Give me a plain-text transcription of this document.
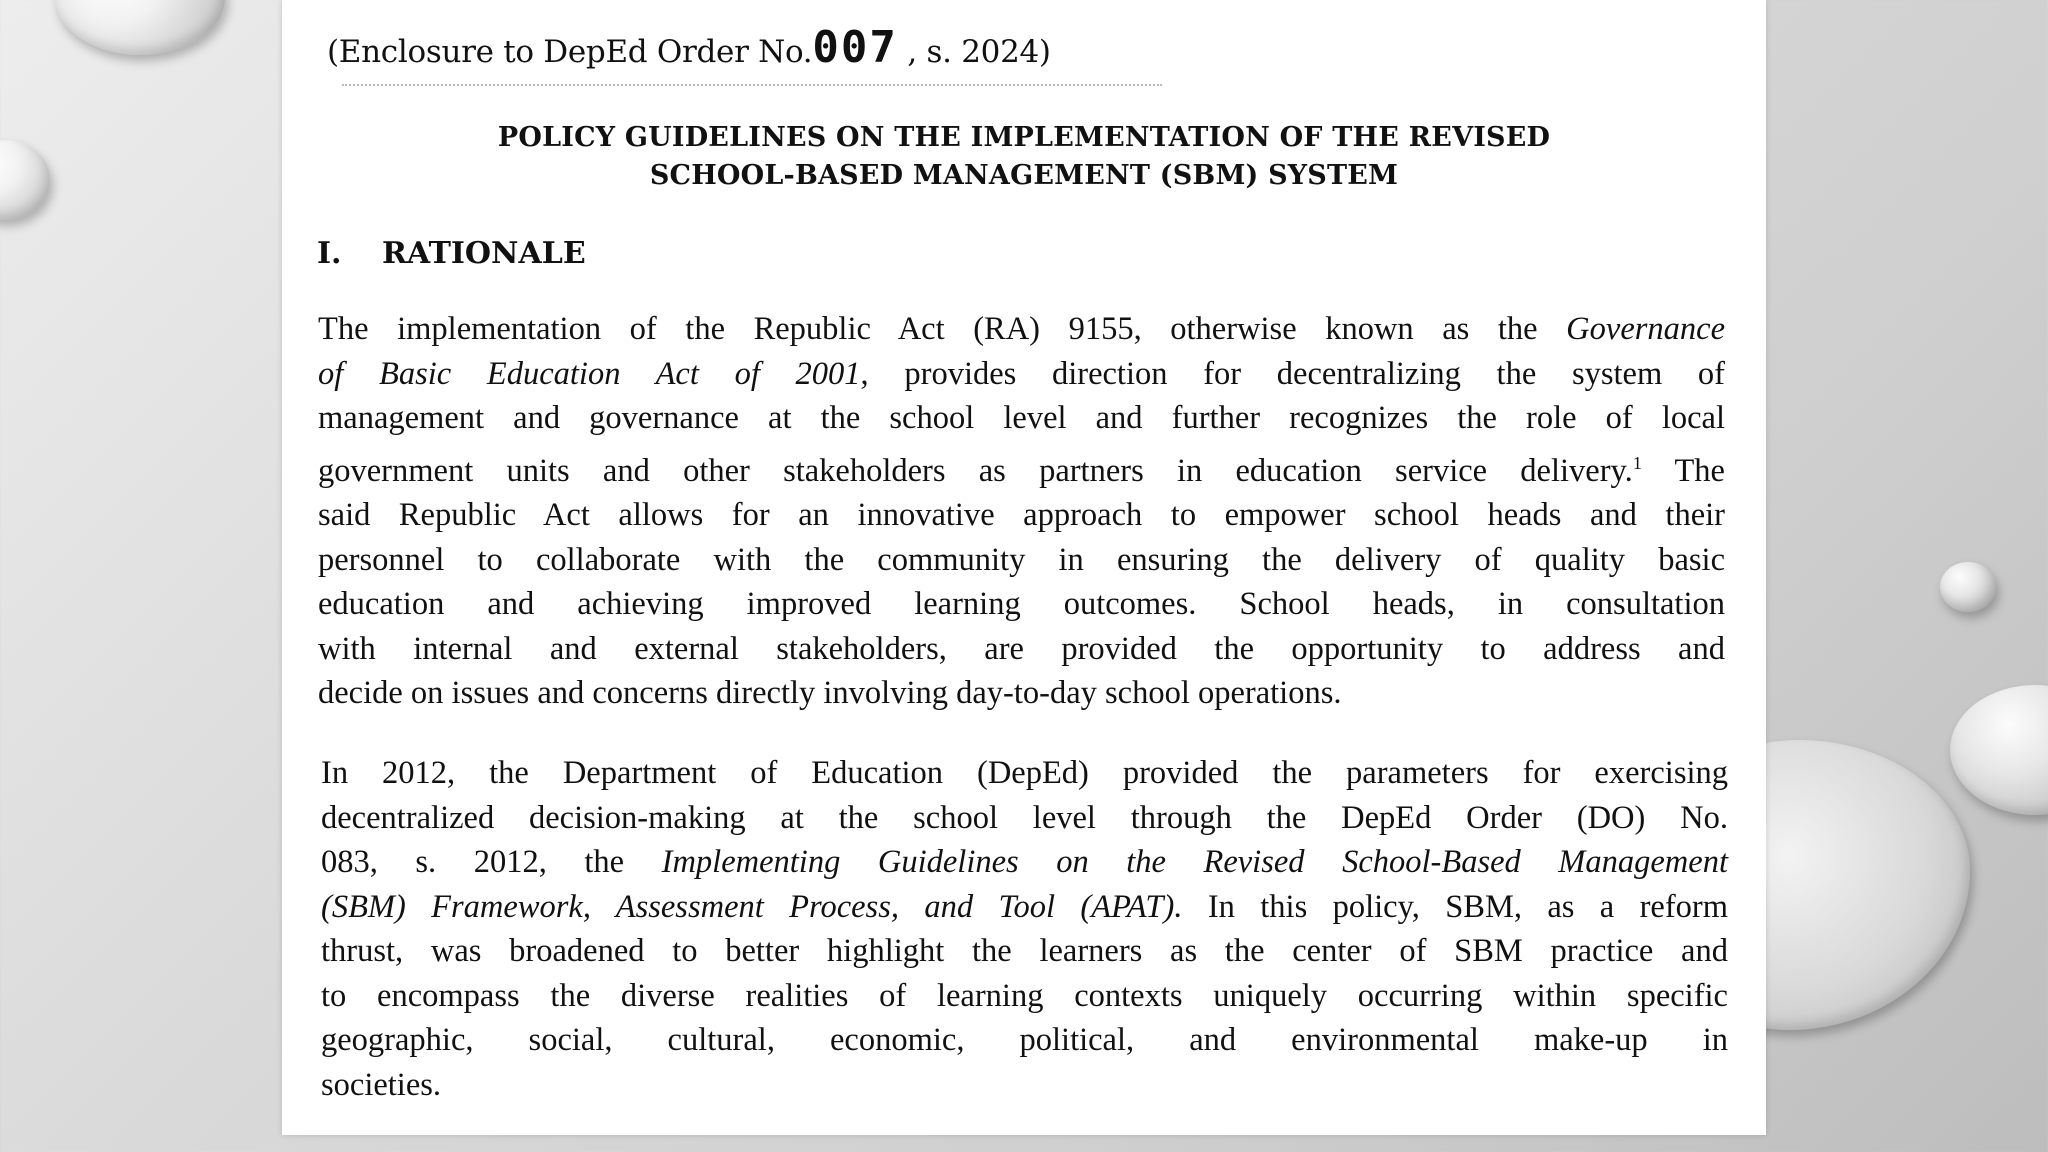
(Enclosure to DepEd Order No.007 , s. 2024)
POLICY GUIDELINES ON THE IMPLEMENTATION OF THE REVISED
SCHOOL-BASED MANAGEMENT (SBM) SYSTEM
I. RATIONALE
The implementation of the Republic Act (RA) 9155, otherwise known as the Governance
of Basic Education Act of 2001, provides direction for decentralizing the system of
management and governance at the school level and further recognizes the role of local
government units and other stakeholders as partners in education service delivery.$^1$ The
said Republic Act allows for an innovative approach to empower school heads and their
personnel to collaborate with the community in ensuring the delivery of quality basic
education and achieving improved learning outcomes. School heads, in consultation
with internal and external stakeholders, are provided the opportunity to address and
decide on issues and concerns directly involving day-to-day school operations.
In 2012, the Department of Education (DepEd) provided the parameters for exercising
decentralized decision-making at the school level through the DepEd Order (DO) No.
083, s. 2012, the Implementing Guidelines on the Revised School-Based Management
(SBM) Framework, Assessment Process, and Tool (APAT). In this policy, SBM, as a reform
thrust, was broadened to better highlight the learners as the center of SBM practice and
to encompass the diverse realities of learning contexts uniquely occurring within specific
geographic, social, cultural, economic, political, and environmental make-up in
societies.
